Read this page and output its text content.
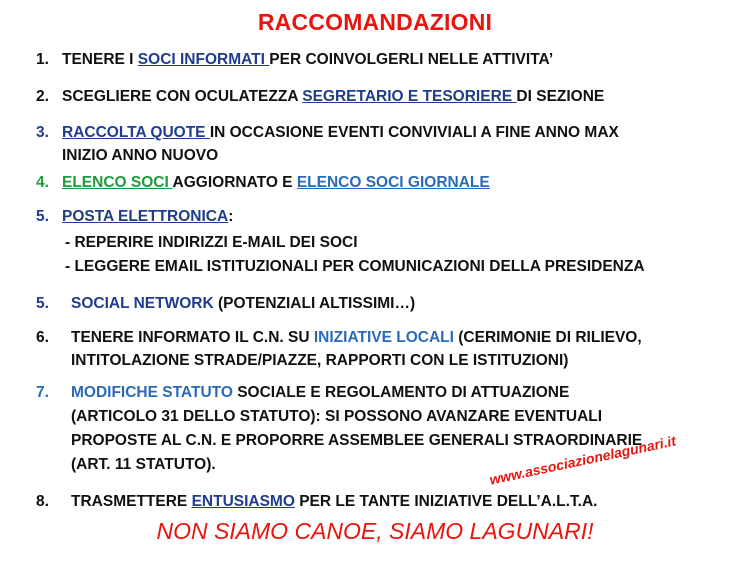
RACCOMANDAZIONI
1. TENERE I SOCI INFORMATI PER COINVOLGERLI NELLE ATTIVITA’
2. SCEGLIERE CON OCULATEZZA SEGRETARIO E TESORIERE DI SEZIONE
3. RACCOLTA QUOTE IN OCCASIONE EVENTI CONVIVIALI A FINE ANNO MAX
INIZIO ANNO NUOVO
4. ELENCO SOCI AGGIORNATO E ELENCO SOCI GIORNALE
5. POSTA ELETTRONICA:
- REPERIRE INDIRIZZI E-MAIL DEI SOCI
- LEGGERE EMAIL ISTITUZIONALI PER COMUNICAZIONI DELLA PRESIDENZA
5. SOCIAL NETWORK (POTENZIALI ALTISSIMI…)
6. TENERE INFORMATO IL C.N. SU INIZIATIVE LOCALI (CERIMONIE DI RILIEVO,
INTITOLAZIONE STRADE/PIAZZE, RAPPORTI CON LE ISTITUZIONI)
7. MODIFICHE STATUTO SOCIALE E REGOLAMENTO DI ATTUAZIONE
(ARTICOLO 31 DELLO STATUTO): SI POSSONO AVANZARE EVENTUALI
PROPOSTE AL C.N. E PROPORRE ASSEMBLEE GENERALI STRAORDINARIE
(ART. 11 STATUTO).	www.associazionelagunari.it
8. TRASMETTERE ENTUSIASMO PER LE TANTE INIZIATIVE DELL’A.L.T.A.
NON SIAMO CANOE, SIAMO LAGUNARI!
